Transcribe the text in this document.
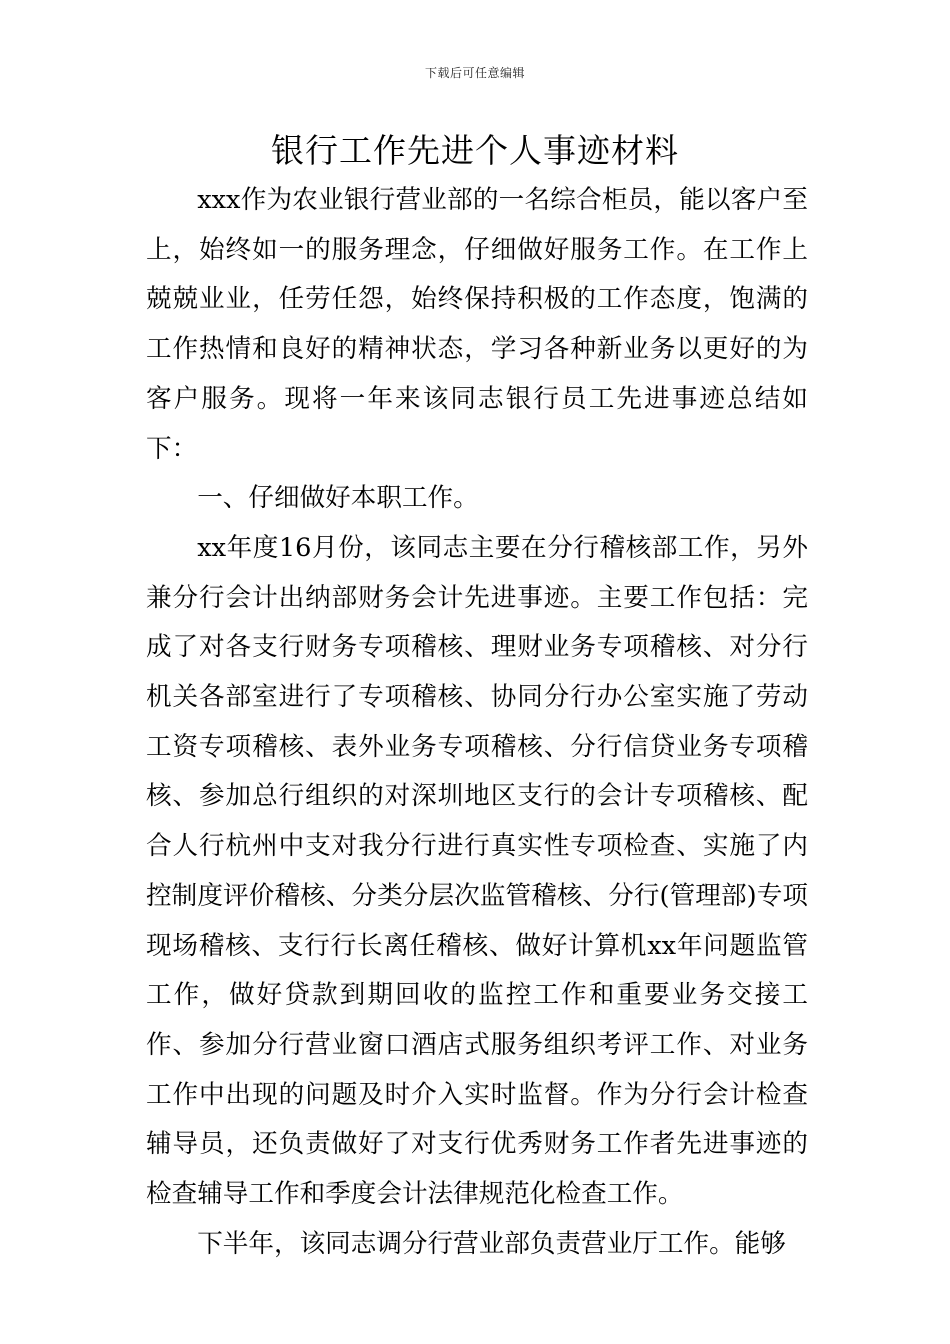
下载后可任意编辑
银行工作先进个人事迹材料

xxx作为农业银行营业部的一名综合柜员，能以客户至上，始终如一的服务理念，仔细做好服务工作。在工作上兢兢业业，任劳任怨，始终保持积极的工作态度，饱满的工作热情和良好的精神状态，学习各种新业务以更好的为客户服务。现将一年来该同志银行员工先进事迹总结如下：

一、仔细做好本职工作。

xx年度16月份，该同志主要在分行稽核部工作，另外兼分行会计出纳部财务会计先进事迹。主要工作包括：完成了对各支行财务专项稽核、理财业务专项稽核、对分行机关各部室进行了专项稽核、协同分行办公室实施了劳动工资专项稽核、表外业务专项稽核、分行信贷业务专项稽核、参加总行组织的对深圳地区支行的会计专项稽核、配合人行杭州中支对我分行进行真实性专项检查、实施了内控制度评价稽核、分类分层次监管稽核、分行(管理部)专项现场稽核、支行行长离任稽核、做好计算机xx年问题监管工作，做好贷款到期回收的监控工作和重要业务交接工作、参加分行营业窗口酒店式服务组织考评工作、对业务工作中出现的问题及时介入实时监督。作为分行会计检查辅导员，还负责做好了对支行优秀财务工作者先进事迹的检查辅导工作和季度会计法律规范化检查工作。

下半年，该同志调分行营业部负责营业厅工作。能够
